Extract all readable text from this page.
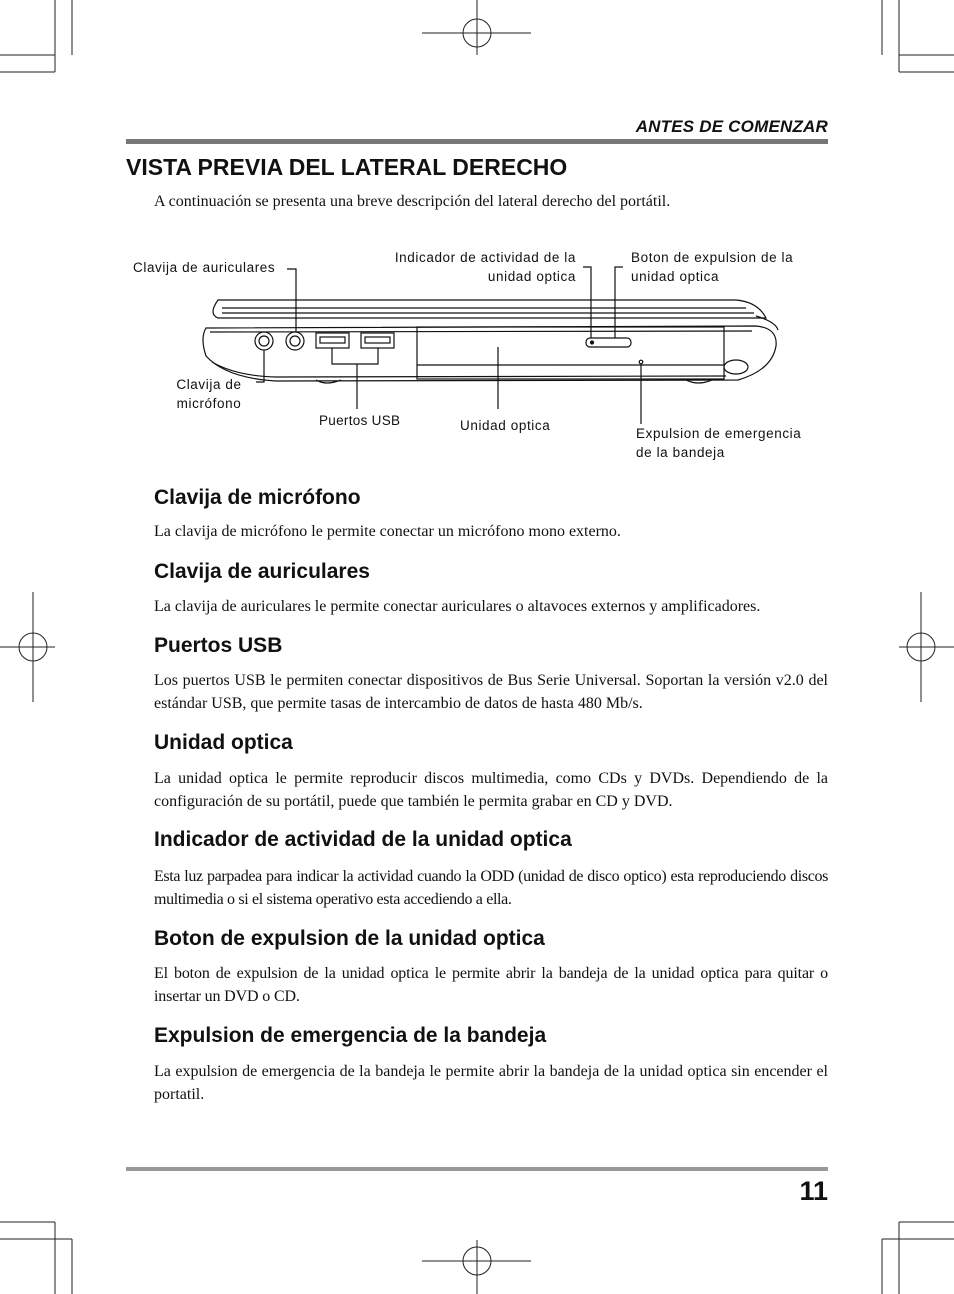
ANTES DE COMENZAR
VISTA PREVIA DEL LATERAL DERECHO
A continuación se presenta una breve descripción del lateral derecho del portátil.
Clavija de auriculares
Indicador de actividad de la
unidad optica
Boton de expulsion de la
unidad optica
Clavija de
micrófono
Puertos USB	Unidad optica
Expulsion de emergencia
de la bandeja
Clavija de micrófono

La clavija de micrófono le permite conectar un micrófono mono externo.

Clavija de auriculares

La clavija de auriculares le permite conectar auriculares o altavoces externos y amplificadores.

Puertos USB

Los puertos USB le permiten conectar dispositivos de Bus Serie Universal. Soportan la versión v2.0 del estándar USB, que permite tasas de intercambio de datos de hasta 480 Mb/s.

Unidad optica

La unidad optica le permite reproducir discos multimedia, como CDs y DVDs. Dependiendo de la configuración de su portátil, puede que también le permita grabar en CD y DVD.

Indicador de actividad de la unidad optica

Esta luz parpadea para indicar la actividad cuando la ODD (unidad de disco optico) esta reproduciendo discos multimedia o si el sistema operativo esta accediendo a ella.

Boton de expulsion de la unidad optica

El boton de expulsion de la unidad optica le permite abrir la bandeja de la unidad optica para quitar o insertar un DVD o CD.

Expulsion de emergencia de la bandeja

La expulsion de emergencia de la bandeja le permite abrir la bandeja de la unidad optica sin encender el portatil.

11
